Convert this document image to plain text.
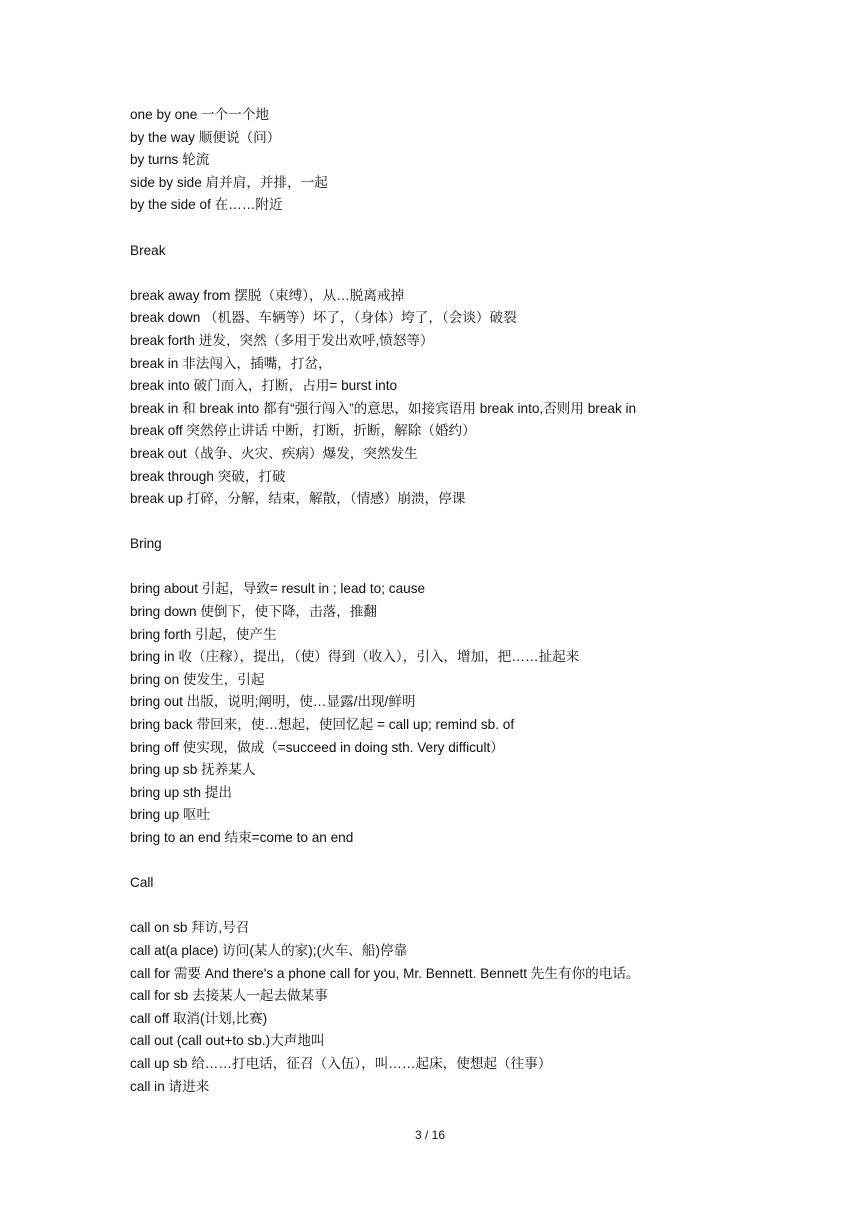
one by one 一个一个地
by the way 顺便说（问）
by turns 轮流
side by side 肩并肩，并排，一起
by the side of 在……附近
Break
break away from 摆脱（束缚），从…脱离戒掉
break down （机器、车辆等）坏了，（身体）垮了，（会谈）破裂
break forth 迸发，突然（多用于发出欢呼,愤怒等）
break in 非法闯入，插嘴，打岔，
break into 破门而入，打断，占用= burst into
break in 和 break into 都有“强行闯入”的意思，如接宾语用 break into,否则用 break in
break off 突然停止讲话 中断，打断，折断，解除（婚约）
break out（战争、火灾、疾病）爆发，突然发生
break through 突破，打破
break up 打碎，分解，结束，解散，（情感）崩溃，停课
Bring
bring about 引起，导致= result in ; lead to; cause
bring down 使倒下，使下降，击落，推翻
bring forth 引起，使产生
bring in 收（庄稼），提出，（使）得到（收入），引入，增加，把……扯起来
bring on 使发生，引起
bring out 出版，说明;阐明，使…显露/出现/鲜明
bring back 带回来，使…想起，使回忆起 = call up; remind sb. of
bring off 使实现，做成（=succeed in doing sth. Very difficult）
bring up sb 抚养某人
bring up sth 提出
bring up 呕吐
bring to an end 结束=come to an end
Call
call on sb 拜访,号召
call at(a place) 访问(某人的家);(火车、船)停靠
call for 需要 And there's a phone call for you, Mr. Bennett. Bennett 先生有你的电话。
call for sb 去接某人一起去做某事
call off 取消(计划,比赛)
call out (call out+to sb.)大声地叫
call up sb 给……打电话，征召（入伍），叫……起床，使想起（往事）
call in 请进来
3 / 16
